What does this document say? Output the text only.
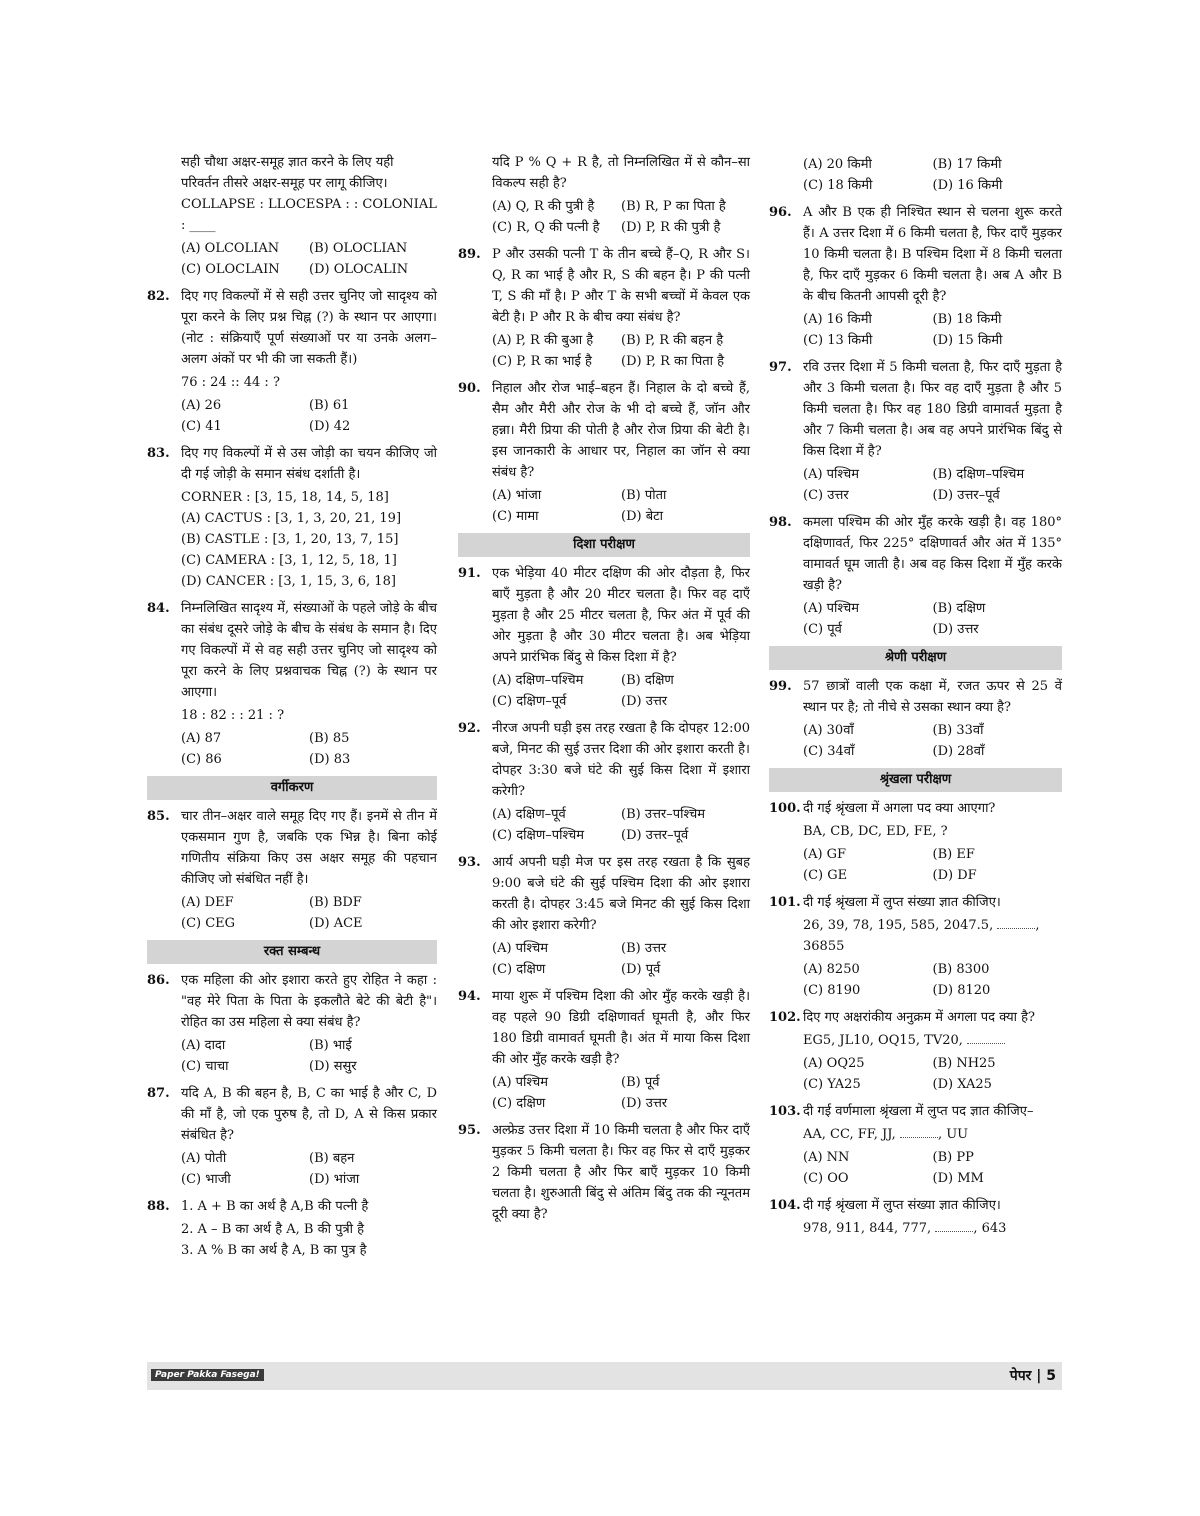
सही चौथा अक्षर-समूह ज्ञात करने के लिए यही

परिवर्तन तीसरे अक्षर-समूह पर लागू कीजिए।

COLLAPSE : LLOCESPA : : COLONIAL

: ____

(A) OLCOLIAN	(B) OLOCLIAN
(C) OLOCLAIN	(D) OLOCALIN
82. दिए गए विकल्पों में से सही उत्तर चुनिए जो सादृश्य को पूरा करने के लिए प्रश्न चिह्न (?) के स्थान पर आएगा। (नोट : संक्रियाएँ पूर्ण संख्याओं पर या उनके अलग–अलग अंकों पर भी की जा सकती हैं।)

76 : 24 :: 44 : ?

(A) 26	(B) 61
(C) 41	(D) 42
83. दिए गए विकल्पों में से उस जोड़ी का चयन कीजिए जो दी गई जोड़ी के समान संबंध दर्शाती है।

CORNER : [3, 15, 18, 14, 5, 18]

(A) CACTUS : [3, 1, 3, 20, 21, 19]
(B) CASTLE : [3, 1, 20, 13, 7, 15]
(C) CAMERA : [3, 1, 12, 5, 18, 1]
(D) CANCER : [3, 1, 15, 3, 6, 18]
84. निम्नलिखित सादृश्य में, संख्याओं के पहले जोड़े के बीच का संबंध दूसरे जोड़े के बीच के संबंध के समान है। दिए गए विकल्पों में से वह सही उत्तर चुनिए जो सादृश्य को पूरा करने के लिए प्रश्नवाचक चिह्न (?) के स्थान पर आएगा।

18 : 82 : : 21 : ?

(A) 87	(B) 85
(C) 86	(D) 83
वर्गीकरण
85. चार तीन–अक्षर वाले समूह दिए गए हैं। इनमें से तीन में एकसमान गुण है, जबकि एक भिन्न है। बिना कोई गणितीय संक्रिया किए उस अक्षर समूह की पहचान कीजिए जो संबंधित नहीं है।
(A) DEF	(B) BDF
(C) CEG	(D) ACE
रक्त सम्बन्ध
86. एक महिला की ओर इशारा करते हुए रोहित ने कहा : "वह मेरे पिता के पिता के इकलौते बेटे की बेटी है"। रोहित का उस महिला से क्या संबंध है?
(A) दादा	(B) भाई
(C) चाचा	(D) ससुर
87. यदि A, B की बहन है, B, C का भाई है और C, D की माँ है, जो एक पुरुष है, तो D, A से किस प्रकार संबंधित है?
(A) पोती	(B) बहन
(C) भाजी	(D) भांजा
88. 1. A + B का अर्थ है A,B की पत्नी है

2. A – B का अर्थ है A, B की पुत्री है

3. A % B का अर्थ है A, B का पुत्र है

यदि P % Q + R है, तो निम्नलिखित में से कौन–सा विकल्प सही है?

(A) Q, R की पुत्री है	(B) R, P का पिता है
(C) R, Q की पत्नी है	(D) P, R की पुत्री है
89. P और उसकी पत्नी T के तीन बच्चे हैं–Q, R और S। Q, R का भाई है और R, S की बहन है। P की पत्नी T, S की माँ है। P और T के सभी बच्चों में केवल एक बेटी है। P और R के बीच क्या संबंध है?
(A) P, R की बुआ है	(B) P, R की बहन है
(C) P, R का भाई है	(D) P, R का पिता है
90. निहाल और रोज भाई–बहन हैं। निहाल के दो बच्चे हैं, सैम और मैरी और रोज के भी दो बच्चे हैं, जॉन और हन्ना। मैरी प्रिया की पोती है और रोज प्रिया की बेटी है। इस जानकारी के आधार पर, निहाल का जॉन से क्या संबंध है?
(A) भांजा	(B) पोता
(C) मामा	(D) बेटा
दिशा परीक्षण
91. एक भेड़िया 40 मीटर दक्षिण की ओर दौड़ता है, फिर बाएँ मुड़ता है और 20 मीटर चलता है। फिर वह दाएँ मुड़ता है और 25 मीटर चलता है, फिर अंत में पूर्व की ओर मुड़ता है और 30 मीटर चलता है। अब भेड़िया अपने प्रारंभिक बिंदु से किस दिशा में है?
(A) दक्षिण–पश्चिम	(B) दक्षिण
(C) दक्षिण–पूर्व	(D) उत्तर
92. नीरज अपनी घड़ी इस तरह रखता है कि दोपहर 12:00 बजे, मिनट की सुई उत्तर दिशा की ओर इशारा करती है। दोपहर 3:30 बजे घंटे की सुई किस दिशा में इशारा करेगी?
(A) दक्षिण–पूर्व	(B) उत्तर–पश्चिम
(C) दक्षिण–पश्चिम	(D) उत्तर–पूर्व
93. आर्य अपनी घड़ी मेज पर इस तरह रखता है कि सुबह 9:00 बजे घंटे की सुई पश्चिम दिशा की ओर इशारा करती है। दोपहर 3:45 बजे मिनट की सुई किस दिशा की ओर इशारा करेगी?
(A) पश्चिम	(B) उत्तर
(C) दक्षिण	(D) पूर्व
94. माया शुरू में पश्चिम दिशा की ओर मुँह करके खड़ी है। वह पहले 90 डिग्री दक्षिणावर्त घूमती है, और फिर 180 डिग्री वामावर्त घूमती है। अंत में माया किस दिशा की ओर मुँह करके खड़ी है?
(A) पश्चिम	(B) पूर्व
(C) दक्षिण	(D) उत्तर
95. अल्फ्रेड उत्तर दिशा में 10 किमी चलता है और फिर दाएँ मुड़कर 5 किमी चलता है। फिर वह फिर से दाएँ मुड़कर 2 किमी चलता है और फिर बाएँ मुड़कर 10 किमी चलता है। शुरुआती बिंदु से अंतिम बिंदु तक की न्यूनतम दूरी क्या है?
(A) 20 किमी	(B) 17 किमी
(C) 18 किमी	(D) 16 किमी
96. A और B एक ही निश्चित स्थान से चलना शुरू करते हैं। A उत्तर दिशा में 6 किमी चलता है, फिर दाएँ मुड़कर 10 किमी चलता है। B पश्चिम दिशा में 8 किमी चलता है, फिर दाएँ मुड़कर 6 किमी चलता है। अब A और B के बीच कितनी आपसी दूरी है?
(A) 16 किमी	(B) 18 किमी
(C) 13 किमी	(D) 15 किमी
97. रवि उत्तर दिशा में 5 किमी चलता है, फिर दाएँ मुड़ता है और 3 किमी चलता है। फिर वह दाएँ मुड़ता है और 5 किमी चलता है। फिर वह 180 डिग्री वामावर्त मुड़ता है और 7 किमी चलता है। अब वह अपने प्रारंभिक बिंदु से किस दिशा में है?
(A) पश्चिम	(B) दक्षिण–पश्चिम
(C) उत्तर	(D) उत्तर–पूर्व
98. कमला पश्चिम की ओर मुँह करके खड़ी है। वह 180° दक्षिणावर्त, फिर 225° दक्षिणावर्त और अंत में 135° वामावर्त घूम जाती है। अब वह किस दिशा में मुँह करके खड़ी है?
(A) पश्चिम	(B) दक्षिण
(C) पूर्व	(D) उत्तर
श्रेणी परीक्षण
99. 57 छात्रों वाली एक कक्षा में, रजत ऊपर से 25 वें स्थान पर है; तो नीचे से उसका स्थान क्या है?
(A) 30वाँ	(B) 33वाँ
(C) 34वाँ	(D) 28वाँ
श्रृंखला परीक्षण
100. दी गई श्रृंखला में अगला पद क्या आएगा?

BA, CB, DC, ED, FE, ?

(A) GF	(B) EF
(C) GE	(D) DF
101. दी गई श्रृंखला में लुप्त संख्या ज्ञात कीजिए।

26, 39, 78, 195, 585, 2047.5,	,

36855

(A) 8250	(B) 8300
(C) 8190	(D) 8120
102. दिए गए अक्षरांकीय अनुक्रम में अगला पद क्या है?

EG5, JL10, OQ15, TV20,

(A) OQ25	(B) NH25
(C) YA25	(D) XA25
103. दी गई वर्णमाला श्रृंखला में लुप्त पद ज्ञात कीजिए–

AA, CC, FF, JJ,	, UU

(A) NN	(B) PP
(C) OO	(D) MM
104. दी गई श्रृंखला में लुप्त संख्या ज्ञात कीजिए।

978, 911, 844, 777,	, 643

Paper Pakka Fasega!	पेपर | 5
